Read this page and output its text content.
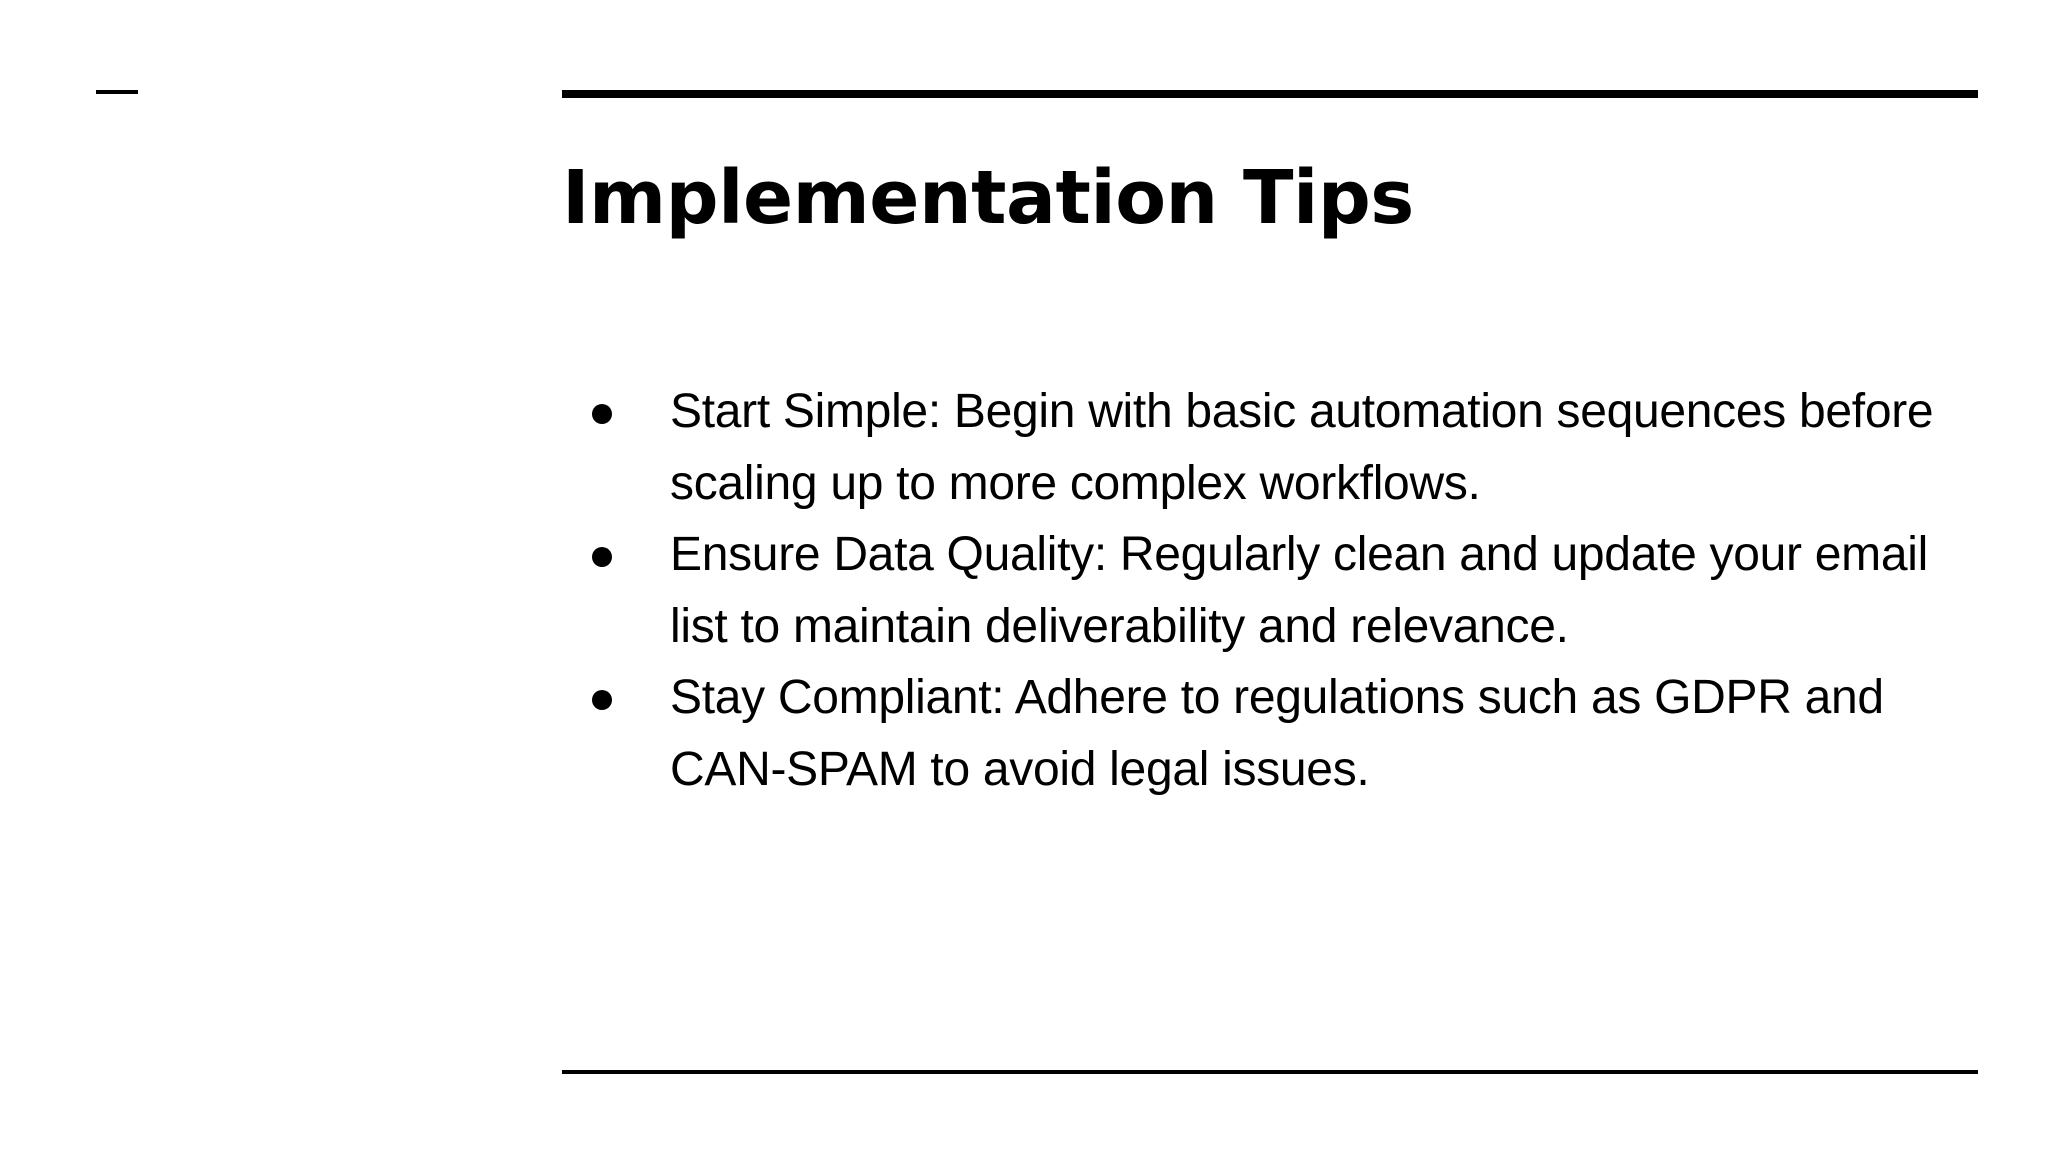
Implementation Tips
Start Simple: Begin with basic automation sequences before scaling up to more complex workflows.
Ensure Data Quality: Regularly clean and update your email list to maintain deliverability and relevance.
Stay Compliant: Adhere to regulations such as GDPR and CAN-SPAM to avoid legal issues.
